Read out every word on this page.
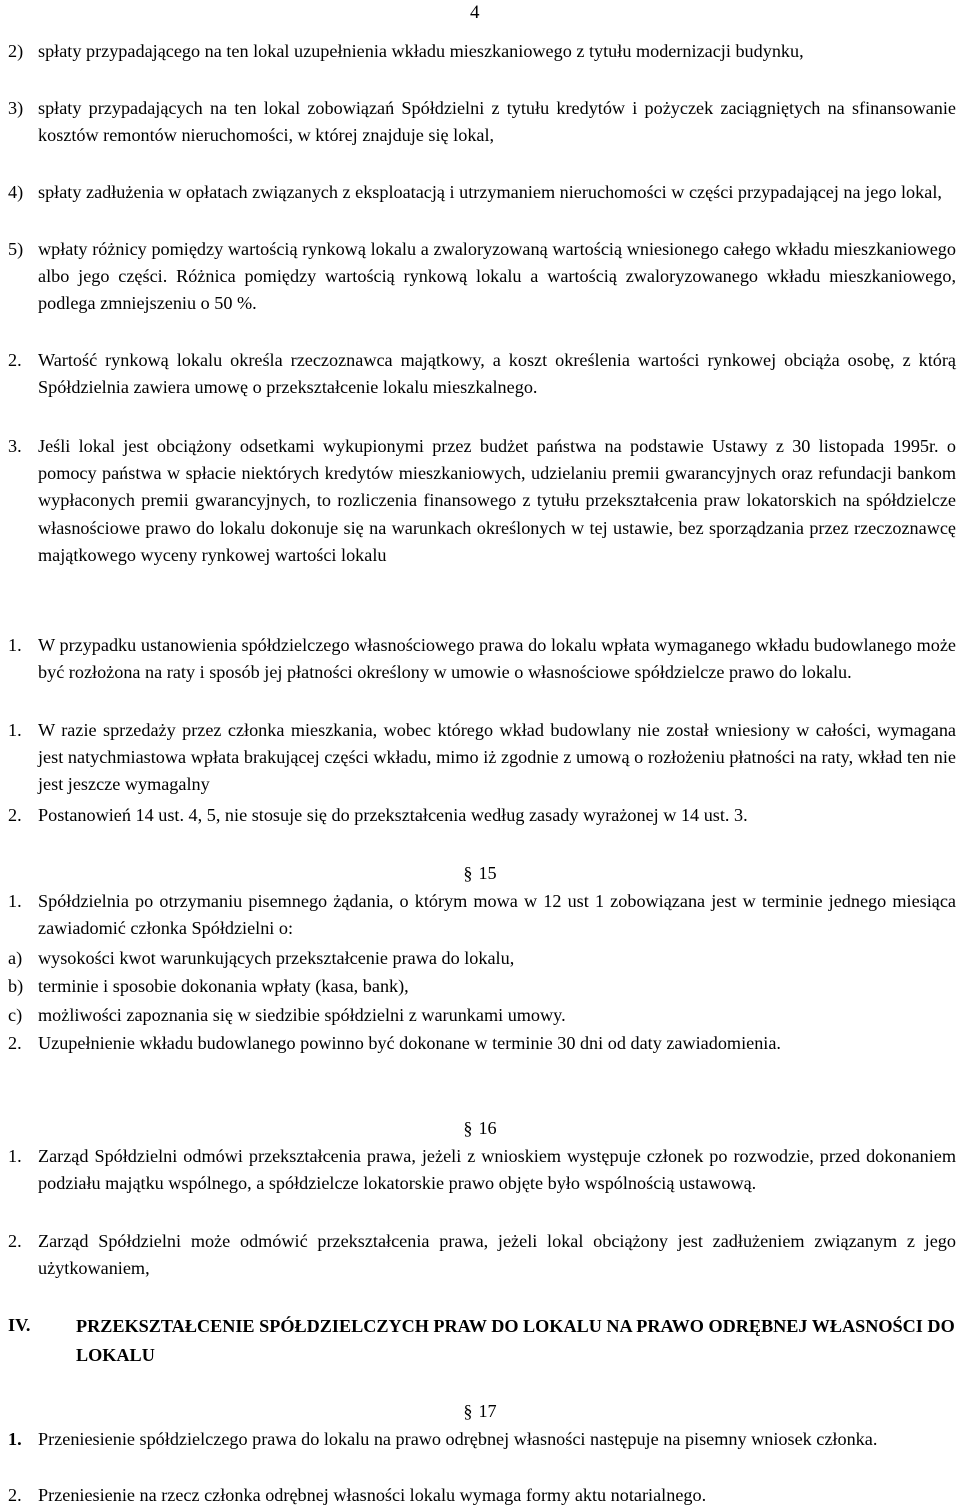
4
2) spłaty przypadającego na ten lokal uzupełnienia wkładu mieszkaniowego z tytułu modernizacji budynku,
3) spłaty przypadających na ten lokal zobowiązań Spółdzielni z tytułu kredytów i pożyczek zaciągniętych na sfinansowanie kosztów remontów nieruchomości, w której znajduje się lokal,
4) spłaty zadłużenia w opłatach związanych z eksploatacją i utrzymaniem nieruchomości w części przypadającej na jego lokal,
5) wpłaty różnicy pomiędzy wartością rynkową lokalu a zwaloryzowaną wartością wniesionego całego wkładu mieszkaniowego albo jego części. Różnica pomiędzy wartością rynkową lokalu a wartością zwaloryzowanego wkładu mieszkaniowego, podlega zmniejszeniu o 50 %.
2. Wartość rynkową lokalu określa rzeczoznawca majątkowy, a koszt określenia wartości rynkowej obciąża osobę, z którą Spółdzielnia zawiera umowę o przekształcenie lokalu mieszkalnego.
3. Jeśli lokal jest obciążony odsetkami wykupionymi przez budżet państwa na podstawie Ustawy z 30 listopada 1995r. o pomocy państwa w spłacie niektórych kredytów mieszkaniowych, udzielaniu premii gwarancyjnych oraz refundacji bankom wypłaconych premii gwarancyjnych, to rozliczenia finansowego z tytułu przekształcenia praw lokatorskich na spółdzielcze własnościowe prawo do lokalu dokonuje się na warunkach określonych w tej ustawie, bez sporządzania przez rzeczoznawcę majątkowego wyceny rynkowej wartości lokalu
1. W przypadku ustanowienia spółdzielczego własnościowego prawa do lokalu wpłata wymaganego wkładu budowlanego może być rozłożona na raty i sposób jej płatności określony w umowie o własnościowe spółdzielcze prawo do lokalu.
1. W razie sprzedaży przez członka mieszkania, wobec którego wkład budowlany nie został wniesiony w całości, wymagana jest natychmiastowa wpłata brakującej części wkładu, mimo iż zgodnie z umową o rozłożeniu płatności na raty, wkład ten nie jest jeszcze wymagalny
2. Postanowień 14 ust. 4, 5, nie stosuje się do przekształcenia według zasady wyrażonej w 14 ust. 3.
§ 15
1. Spółdzielnia po otrzymaniu pisemnego żądania, o którym mowa w 12 ust 1 zobowiązana jest w terminie jednego miesiąca zawiadomić członka Spółdzielni o:
a) wysokości kwot warunkujących przekształcenie prawa do lokalu,
b) terminie i sposobie dokonania wpłaty (kasa, bank),
c) możliwości zapoznania się w siedzibie spółdzielni z warunkami umowy.
2. Uzupełnienie wkładu budowlanego powinno być dokonane w terminie 30 dni od daty zawiadomienia.
§ 16
1. Zarząd Spółdzielni odmówi przekształcenia prawa, jeżeli z wnioskiem występuje członek po rozwodzie, przed dokonaniem podziału majątku wspólnego, a spółdzielcze lokatorskie prawo objęte było wspólnością ustawową.
2. Zarząd Spółdzielni może odmówić przekształcenia prawa, jeżeli lokal obciążony jest zadłużeniem związanym z jego użytkowaniem,
IV.	PRZEKSZTAŁCENIE SPÓŁDZIELCZYCH PRAW DO LOKALU NA PRAWO ODRĘBNEJ WŁASNOŚCI DO LOKALU
§ 17
1. Przeniesienie spółdzielczego prawa do lokalu na prawo odrębnej własności następuje na pisemny wniosek członka.
2. Przeniesienie na rzecz członka odrębnej własności lokalu wymaga formy aktu notarialnego.
